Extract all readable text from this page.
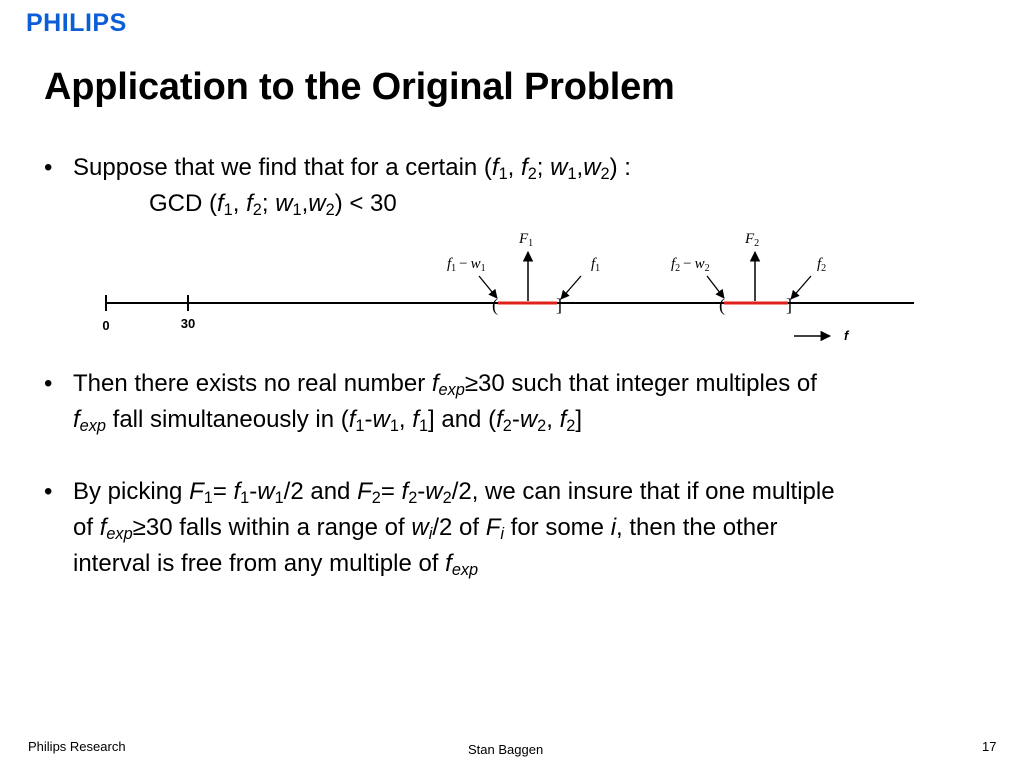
PHILIPS
Application to the Original Problem
• Suppose that we find that for a certain ($f_1$, $f_2$; $w_1,w_2$) :
GCD ($f_1$, $f_2$; $w_1,w_2) < 30$
0	30
(	]	(	]
$F_1$	$F_2$
$f_1 - w_1$	$f_1$	$f_2 - w_2$	$f_2$
f
• Then there exists no real number $f_{exp}\ge 30$ such that integer multiples of
$f_{exp}$ fall simultaneously in ($f_1-w_1$, $f_1$] and ($f_2-w_2$, $f_2$]
• By picking $F_1= f_1-w_1/2$ and $F_2= f_2-w_2/2$, we can insure that if one multiple
of $f_{exp}\ge 30$ falls within a range of $w_i/2$ of $F_i$ for some i, then the other
interval is free from any multiple of $f_{exp}$
Philips Research	Stan Baggen	17
